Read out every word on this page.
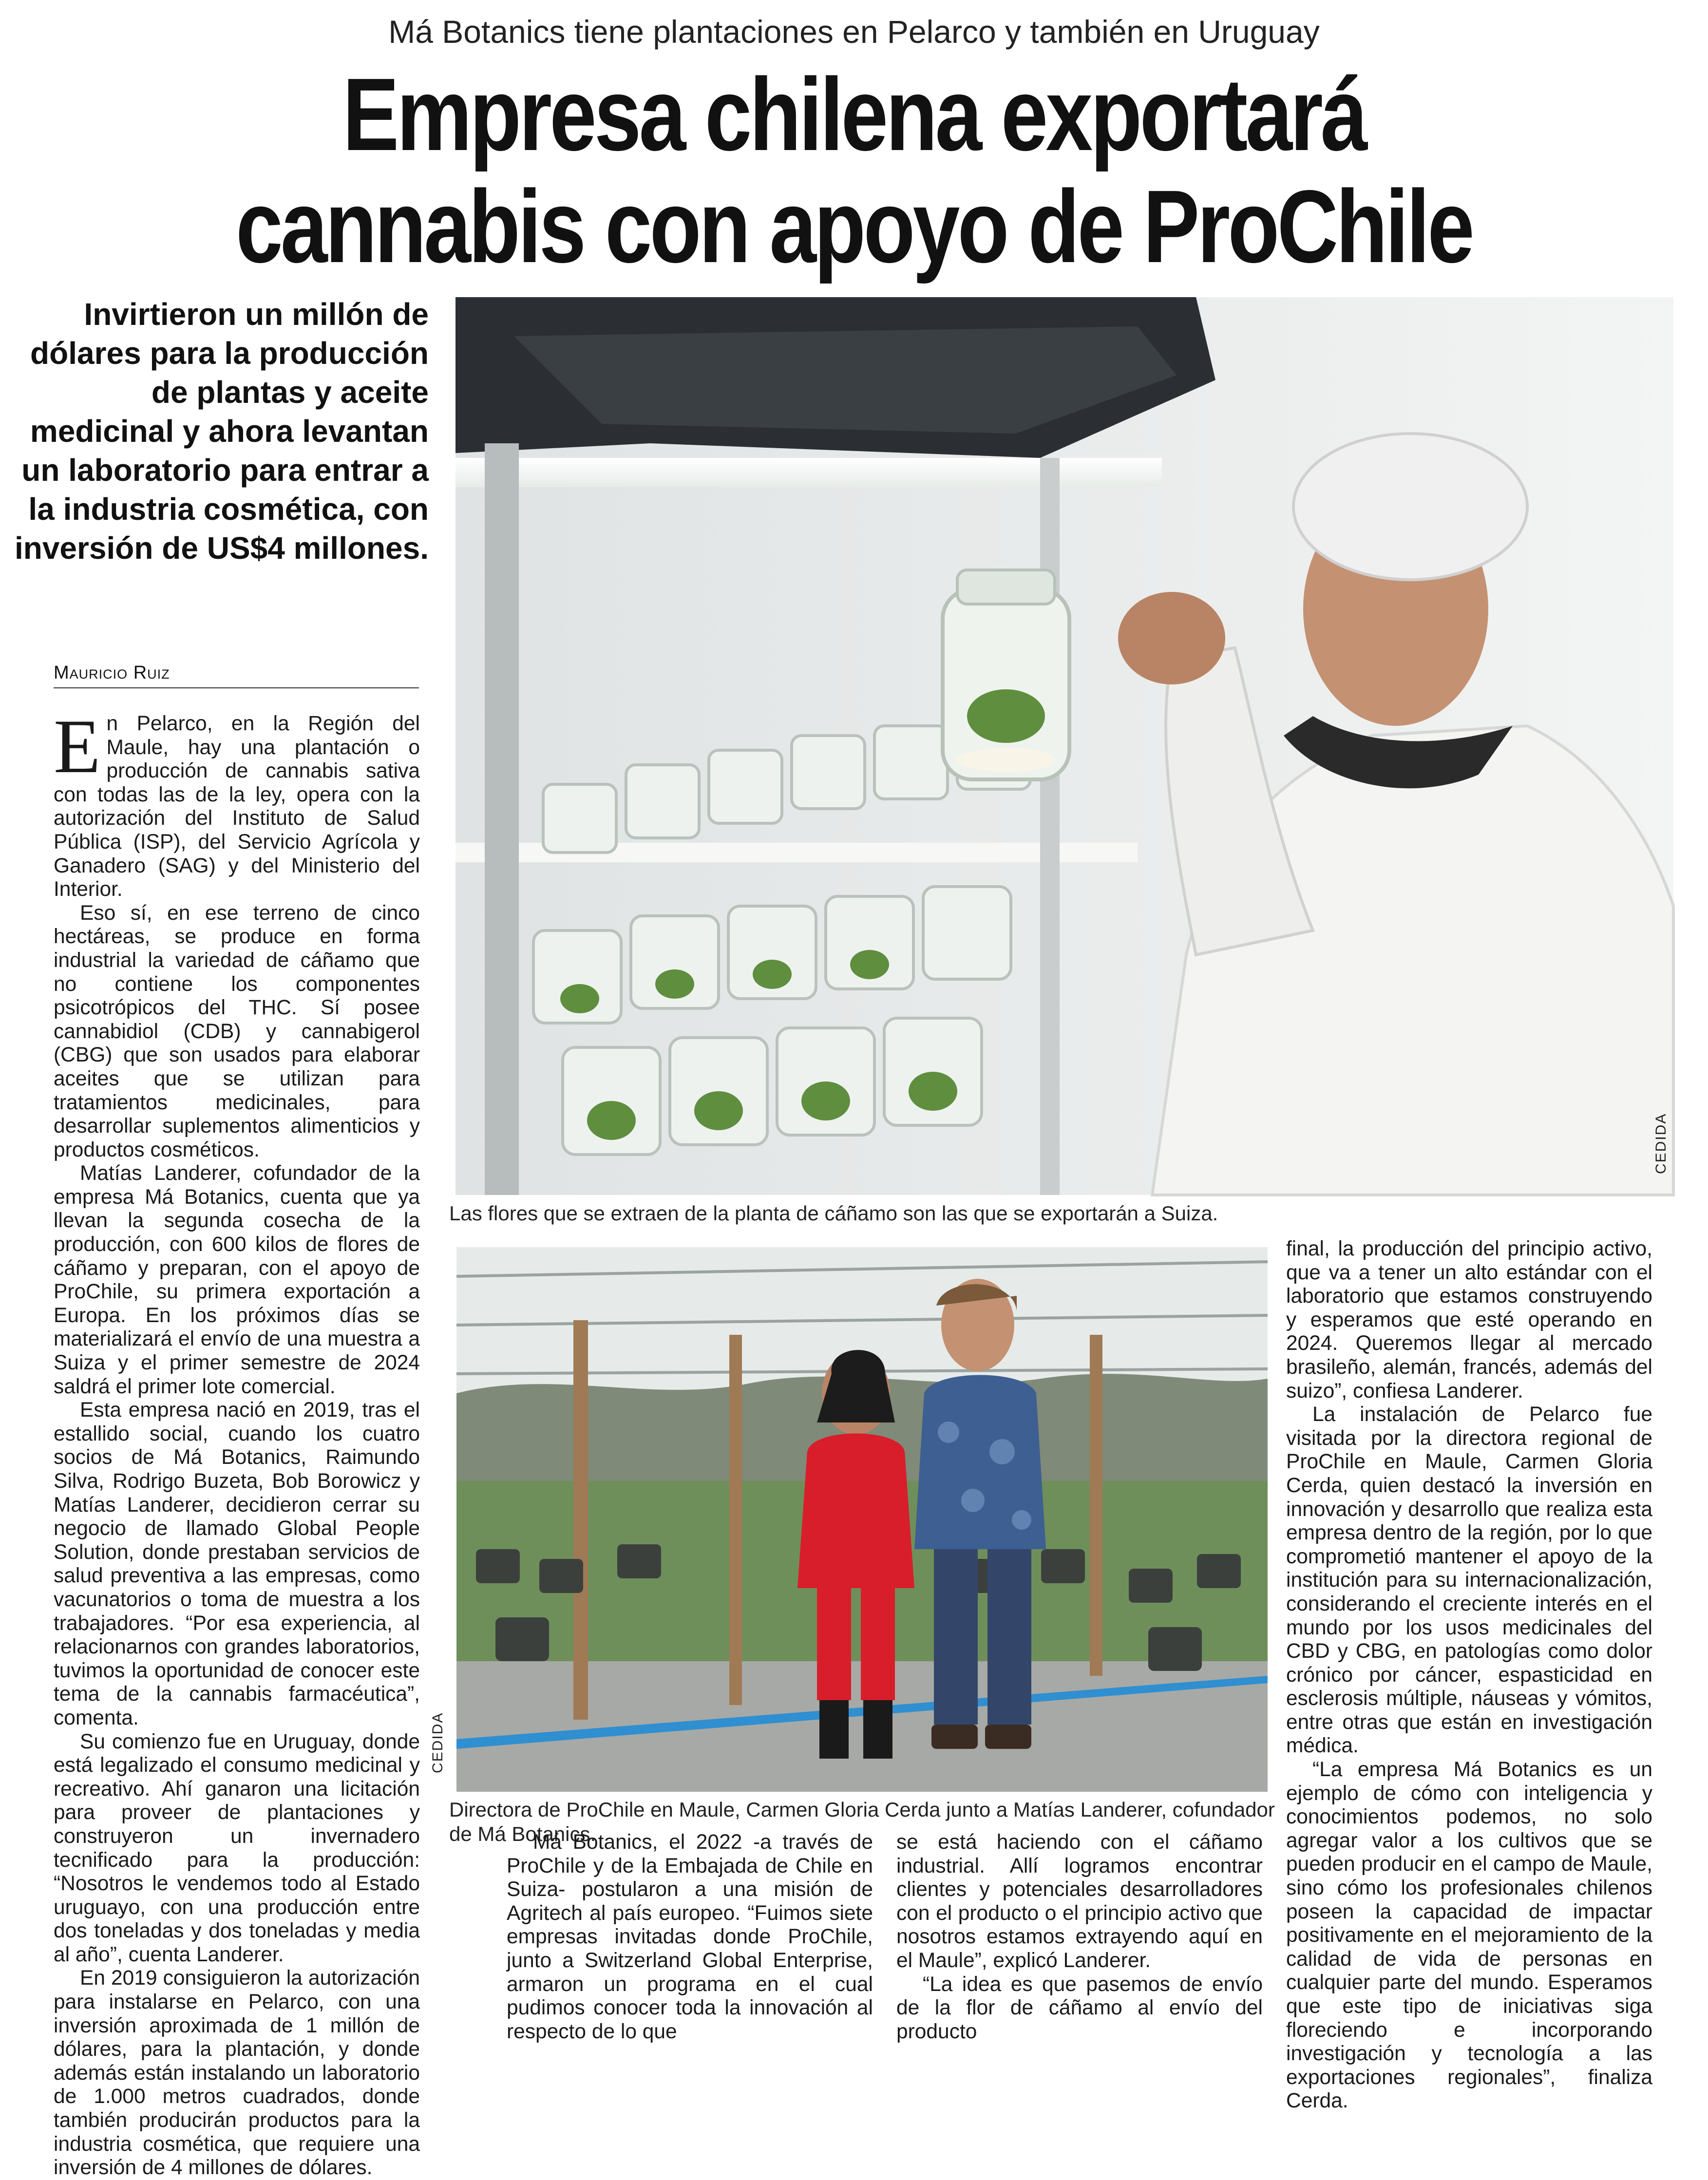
Má Botanics tiene plantaciones en Pelarco y también en Uruguay
Empresa chilena exportará
cannabis con apoyo de ProChile
Invirtieron un millón de dólares para la producción de plantas y aceite medicinal y ahora levantan un laboratorio para entrar a la industria cosmética, con inversión de US$4 millones.
Mauricio Ruiz
CEDIDA
Las flores que se extraen de la planta de cáñamo son las que se exportarán a Suiza.
CEDIDA
Directora de ProChile en Maule, Carmen Gloria Cerda junto a Matías Landerer, cofundador de Má Botanics.

En Pelarco, en la Región del Maule, hay una plantación o producción de cannabis sativa con todas las de la ley, opera con la autorización del Instituto de Salud Pública (ISP), del Servicio Agrícola y Ganadero (SAG) y del Ministerio del Interior.

Eso sí, en ese terreno de cinco hectáreas, se produce en forma industrial la variedad de cáñamo que no contiene los componentes psicotrópicos del THC. Sí posee cannabidiol (CDB) y cannabigerol (CBG) que son usados para elaborar aceites que se utilizan para tratamientos medicinales, para desarrollar suplementos alimenticios y productos cosméticos.

Matías Landerer, cofundador de la empresa Má Botanics, cuenta que ya llevan la segunda cosecha de la producción, con 600 kilos de flores de cáñamo y preparan, con el apoyo de ProChile, su primera exportación a Europa. En los próximos días se materializará el envío de una muestra a Suiza y el primer semestre de 2024 saldrá el primer lote comercial.

Esta empresa nació en 2019, tras el estallido social, cuando los cuatro socios de Má Botanics, Raimundo Silva, Rodrigo Buzeta, Bob Borowicz y Matías Landerer, decidieron cerrar su negocio de llamado Global People Solution, donde prestaban servicios de salud preventiva a las empresas, como vacunatorios o toma de muestra a los trabajadores. “Por esa experiencia, al relacionarnos con grandes laboratorios, tuvimos la oportunidad de conocer este tema de la cannabis farmacéutica”, comenta.

Su comienzo fue en Uruguay, donde está legalizado el consumo medicinal y recreativo. Ahí ganaron una licitación para proveer de plantaciones y construyeron un invernadero tecnificado para la producción: “Nosotros le vendemos todo al Estado uruguayo, con una producción entre dos toneladas y dos toneladas y media al año”, cuenta Landerer.

En 2019 consiguieron la autorización para instalarse en Pelarco, con una inversión aproximada de 1 millón de dólares, para la plantación, y donde además están instalando un laboratorio de 1.000 metros cuadrados, donde también producirán productos para la industria cosmética, que requiere una inversión de 4 millones de dólares.

Má Botanics, el 2022 -a través de ProChile y de la Embajada de Chile en Suiza- postularon a una misión de Agritech al país europeo. “Fuimos siete empresas invitadas donde ProChile, junto a Switzerland Global Enterprise, armaron un programa en el cual pudimos conocer toda la innovación al respecto de lo que

se está haciendo con el cáñamo industrial. Allí logramos encontrar clientes y potenciales desarrolladores con el producto o el principio activo que nosotros estamos extrayendo aquí en el Maule”, explicó Landerer.

“La idea es que pasemos de envío de la flor de cáñamo al envío del producto

final, la producción del principio activo, que va a tener un alto estándar con el laboratorio que estamos construyendo y esperamos que esté operando en 2024. Queremos llegar al mercado brasileño, alemán, francés, además del suizo”, confiesa Landerer.

La instalación de Pelarco fue visitada por la directora regional de ProChile en Maule, Carmen Gloria Cerda, quien destacó la inversión en innovación y desarrollo que realiza esta empresa dentro de la región, por lo que comprometió mantener el apoyo de la institución para su internacionalización, considerando el creciente interés en el mundo por los usos medicinales del CBD y CBG, en patologías como dolor crónico por cáncer, espasticidad en esclerosis múltiple, náuseas y vómitos, entre otras que están en investigación médica.

“La empresa Má Botanics es un ejemplo de cómo con inteligencia y conocimientos podemos, no solo agregar valor a los cultivos que se pueden producir en el campo de Maule, sino cómo los profesionales chilenos poseen la capacidad de impactar positivamente en el mejoramiento de la calidad de vida de personas en cualquier parte del mundo. Esperamos que este tipo de iniciativas siga floreciendo e incorporando investigación y tecnología a las exportaciones regionales”, finaliza Cerda.
